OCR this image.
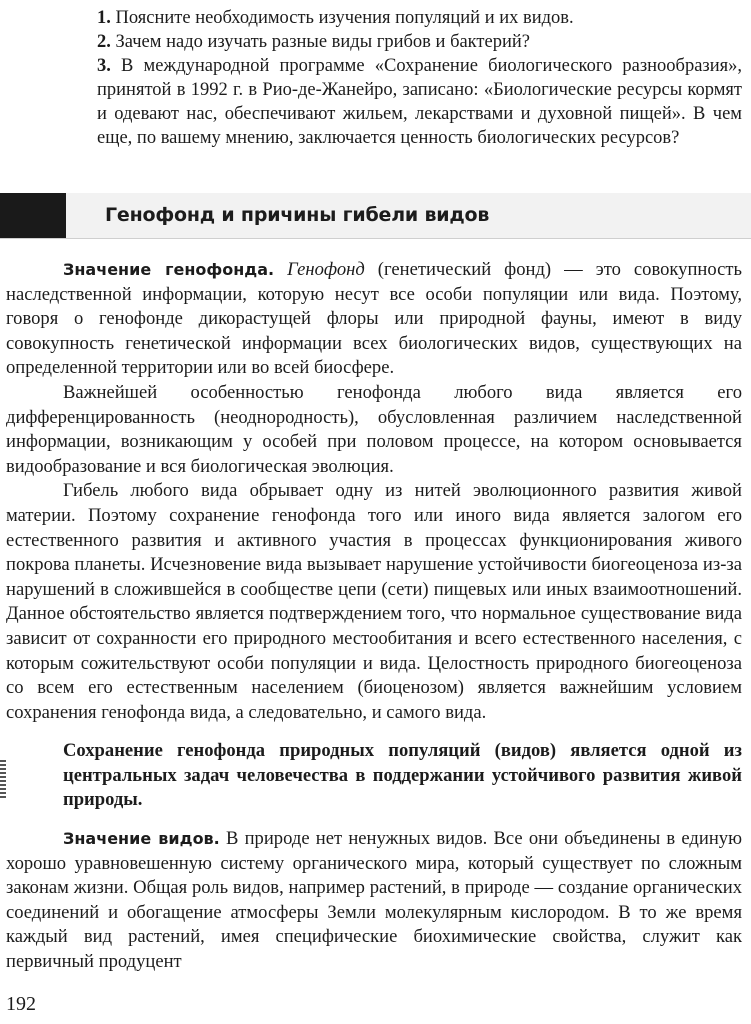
1. Поясните необходимость изучения популяций и их видов.

2. Зачем надо изучать разные виды грибов и бактерий?

3. В международной программе «Сохранение биологического разнообразия», принятой в 1992 г. в Рио-де-Жанейро, записано: «Биологические ресурсы кормят и одевают нас, обеспечивают жильем, лекарствами и духовной пищей». В чем еще, по вашему мнению, заключается ценность биологических ресурсов?

Генофонд и причины гибели видов

Значение генофонда. Генофонд (генетический фонд) — это совокупность наследственной информации, которую несут все особи популяции или вида. Поэтому, говоря о генофонде дикорастущей флоры или природной фауны, имеют в виду совокупность генетической информации всех биологических видов, существующих на определенной территории или во всей биосфере.

Важнейшей особенностью генофонда любого вида является его дифференцированность (неоднородность), обусловленная различием наследственной информации, возникающим у особей при половом процессе, на котором основывается видообразование и вся биологическая эволюция.

Гибель любого вида обрывает одну из нитей эволюционного развития живой материи. Поэтому сохранение генофонда того или иного вида является залогом его естественного развития и активного участия в процессах функционирования живого покрова планеты. Исчезновение вида вызывает нарушение устойчивости биогеоценоза из-за нарушений в сложившейся в сообществе цепи (сети) пищевых или иных взаимоотношений. Данное обстоятельство является подтверждением того, что нормальное существование вида зависит от сохранности его природного местообитания и всего естественного населения, с которым сожительствуют особи популяции и вида. Целостность природного биогеоценоза со всем его естественным населением (биоценозом) является важнейшим условием сохранения генофонда вида, а следовательно, и самого вида.

Сохранение генофонда природных популяций (видов) является одной из центральных задач человечества в поддержании устойчивого развития живой природы.

Значение видов. В природе нет ненужных видов. Все они объединены в единую хорошо уравновешенную систему органического мира, который существует по сложным законам жизни. Общая роль видов, например растений, в природе — создание органических соединений и обогащение атмосферы Земли молекулярным кислородом. В то же время каждый вид растений, имея специфические биохимические свойства, служит как первичный продуцент

192
